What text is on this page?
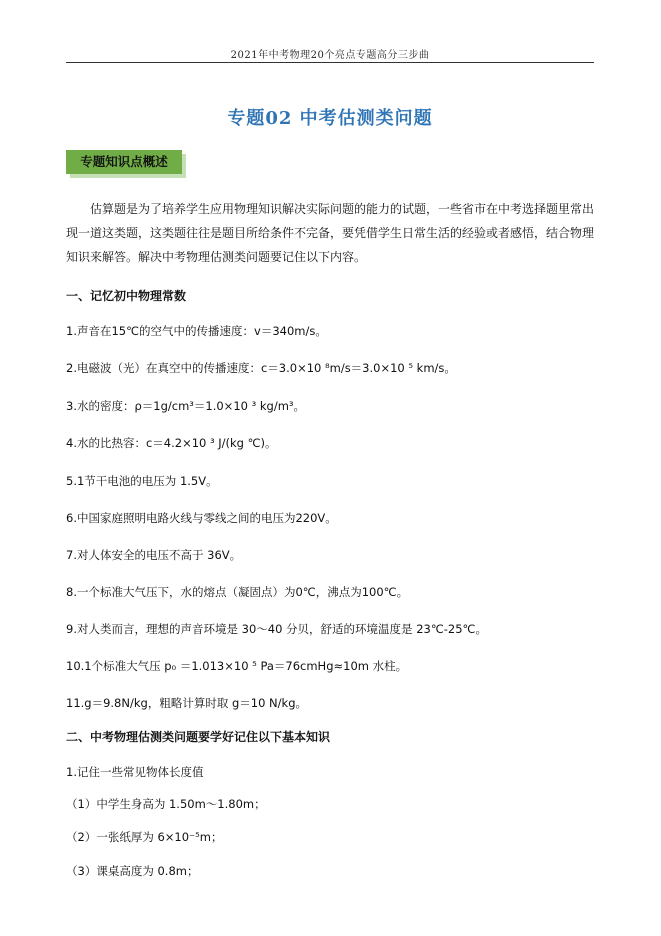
2021年中考物理20个亮点专题高分三步曲
专题02 中考估测类问题
专题知识点概述

估算题是为了培养学生应用物理知识解决实际问题的能力的试题，一些省市在中考选择题里常出现一道这类题，这类题往往是题目所给条件不完备，要凭借学生日常生活的经验或者感悟，结合物理知识来解答。解决中考物理估测类问题要记住以下内容。

一、记忆初中物理常数

1.声音在15℃的空气中的传播速度：v＝340m/s。

2.电磁波（光）在真空中的传播速度：c＝3.0×10 ⁸m/s＝3.0×10 ⁵ km/s。

3.水的密度：ρ＝1g/cm³＝1.0×10 ³ kg/m³。

4.水的比热容：c＝4.2×10 ³ J/(kg ℃)。

5.1节干电池的电压为 1.5V。

6.中国家庭照明电路火线与零线之间的电压为220V。

7.对人体安全的电压不高于 36V。

8.一个标准大气压下，水的熔点（凝固点）为0℃，沸点为100℃。

9.对人类而言，理想的声音环境是 30～40 分贝，舒适的环境温度是 23℃-25℃。

10.1个标准大气压 p₀ ＝1.013×10 ⁵ Pa＝76cmHg≈10m 水柱。

11.g＝9.8N/kg，粗略计算时取 g＝10 N/kg。

二、中考物理估测类问题要学好记住以下基本知识

1.记住一些常见物体长度值

（1）中学生身高为 1.50m～1.80m；

（2）一张纸厚为 6×10⁻⁵m；

（3）课桌高度为 0.8m；
